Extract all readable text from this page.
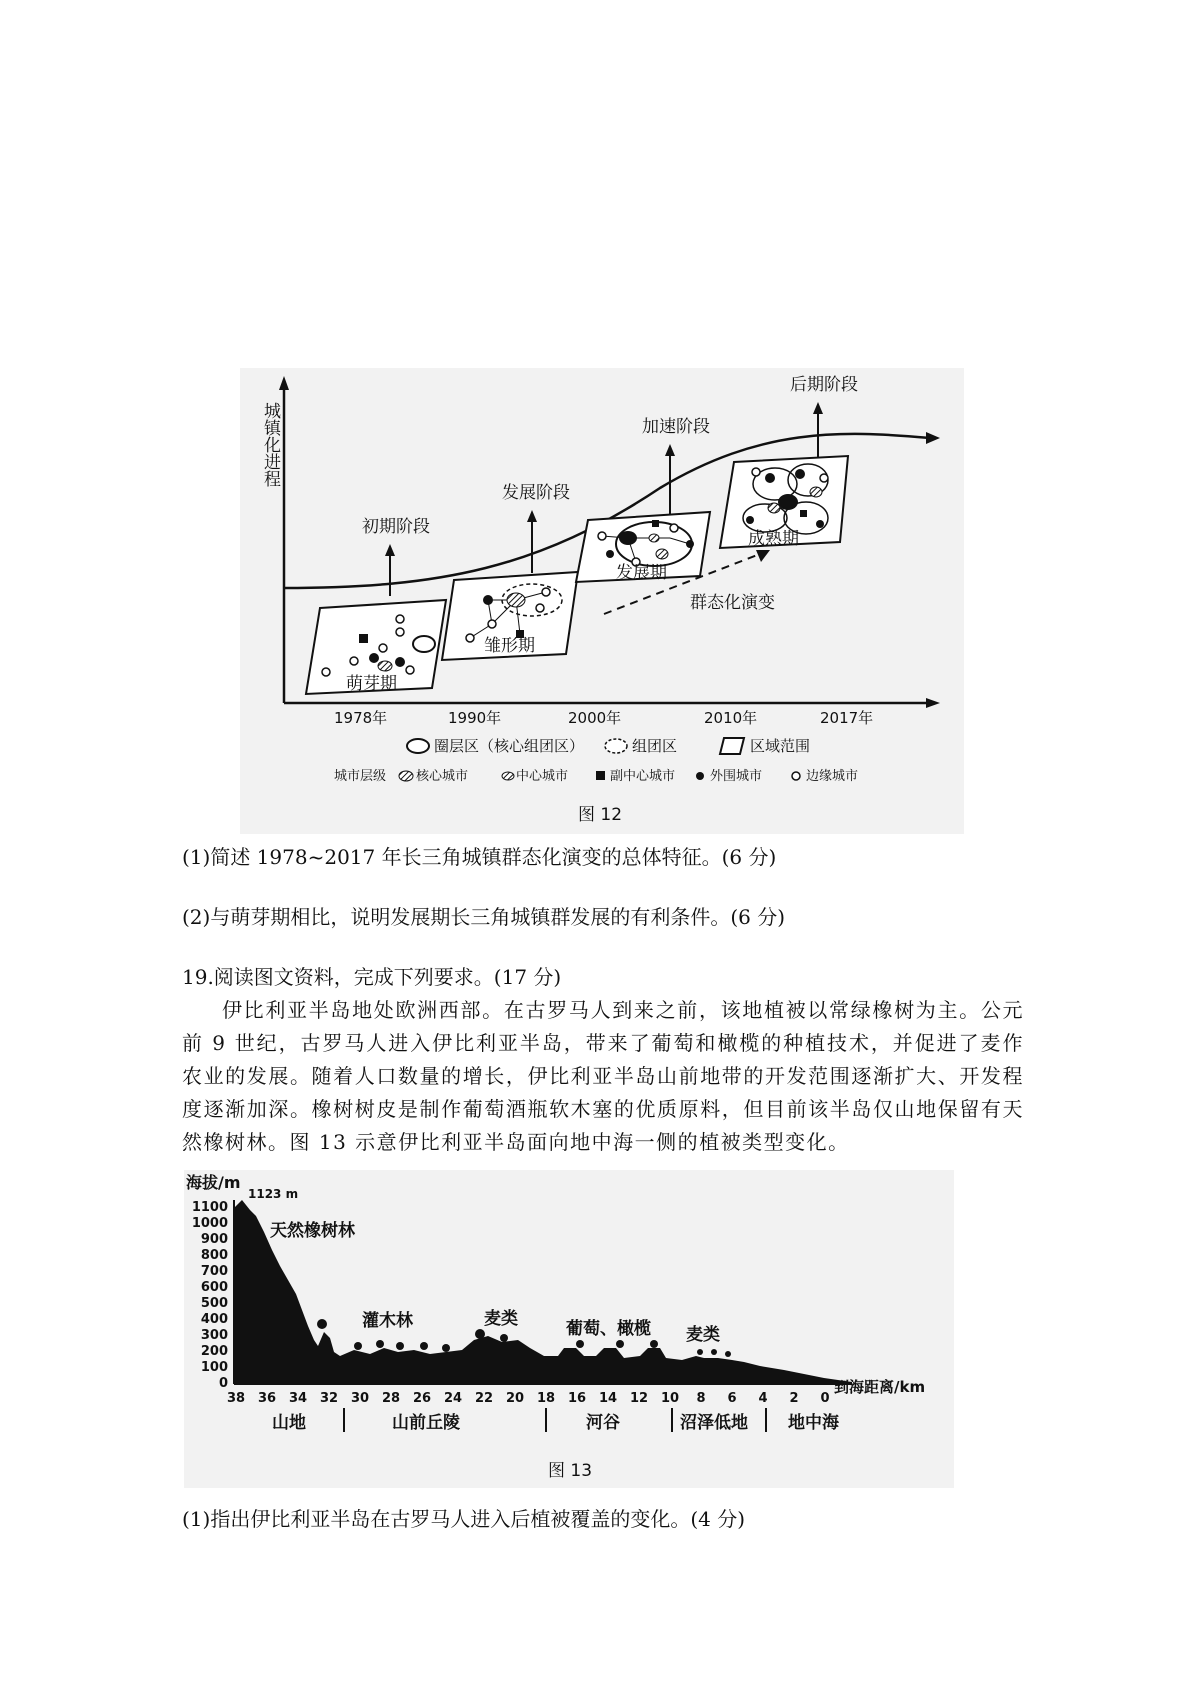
城镇化进程
初期阶段
发展阶段
加速阶段
后期阶段
萌芽期
雏形期
发展期
成熟期
群态化演变
1978年	1990年	2000年	2010年	2017年
圈层区（核心组团区）	组团区	区域范围
城市层级 核心城市	中心城市	副中心城市	外围城市	边缘城市
图 12
(1)简述 1978~2017 年长三角城镇群态化演变的总体特征。(6 分)
(2)与萌芽期相比，说明发展期长三角城镇群发展的有利条件。(6 分)
19.阅读图文资料，完成下列要求。(17 分)
伊比利亚半岛地处欧洲西部。在古罗马人到来之前，该地植被以常绿橡树为主。公元前 9 世纪，古罗马人进入伊比利亚半岛，带来了葡萄和橄榄的种植技术，并促进了麦作农业的发展。随着人口数量的增长，伊比利亚半岛山前地带的开发范围逐渐扩大、开发程度逐渐加深。橡树树皮是制作葡萄酒瓶软木塞的优质原料，但目前该半岛仅山地保留有天然橡树林。图 13 示意伊比利亚半岛面向地中海一侧的植被类型变化。
海拔/m
1123 m
1100
1000
900
800
700
600
500
400
300
200
100
0
天然橡树林
灌木林	麦类	葡萄、橄榄 麦类
38 36 34 32 30 28 26 24 22 20 18 16 14 12 10 8 6 4 2 0
到海距离/km
山地	山前丘陵	河谷	沼泽低地 地中海
图 13
(1)指出伊比利亚半岛在古罗马人进入后植被覆盖的变化。(4 分)
